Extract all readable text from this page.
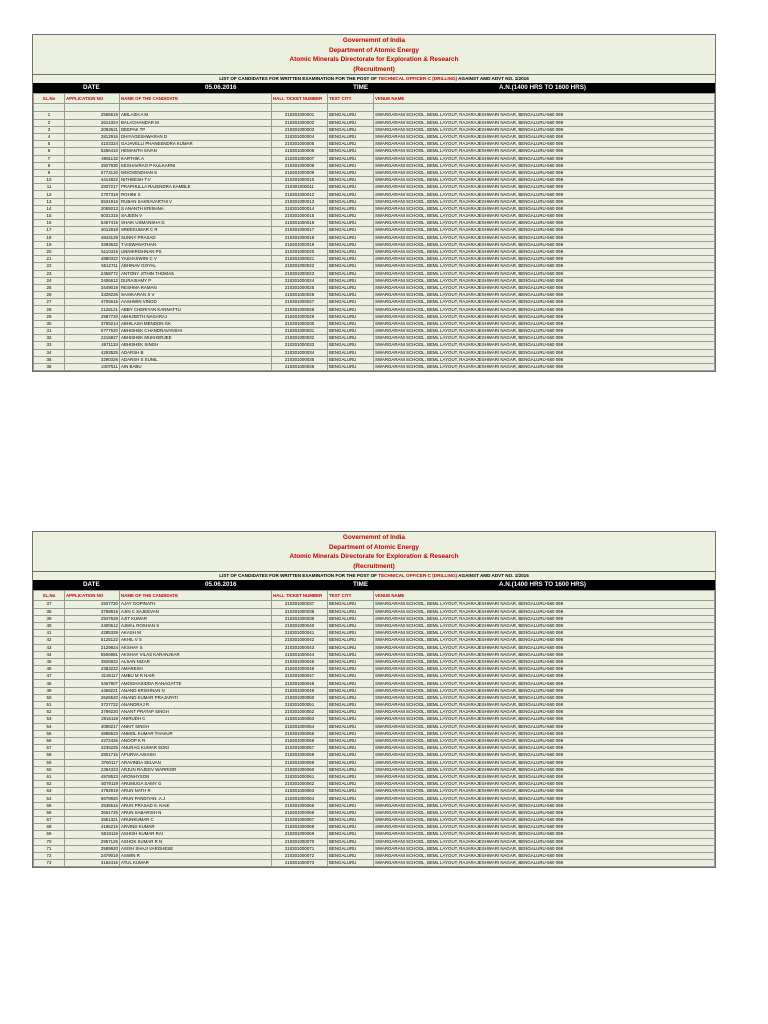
Governemnt of India
Department of Atomic Energy
Atomic Minerals Directorate for Exploration & Research
(Recruitment)
LIST OF CANDIDATES FOR WRITTEN EXAMINATION FOR THE POST OF TECHNICAL OFFICER-C (DRILLING) AGAINST AMD ADVT NO. 1/2016
DATE	05.06.2016	TIME	A.N.(1400 HRS TO 1600 HRS)
SL.No	APPLICATION NO	NAME OF THE CANDIDATE	HALL TICKET NUMBER	TEST CITY	VENUE NAME

1	2566619	ABILASH A M	210301000001	BENGALURU	SWARGARANI SCHOOL, BEML LAYOUT, RAJARAJESHWARI NAGAR, BENGALURU-560 098
2	2614324	BALACHANDAR M	210301000002	BENGALURU	SWARGARANI SCHOOL, BEML LAYOUT, RAJARAJESHWARI NAGAR, BENGALURU-560 098
3	2093621	DEEPAK TP	210301000003	BENGALURU	SWARGARANI SCHOOL, BEML LAYOUT, RAJARAJESHWARI NAGAR, BENGALURU-560 098
4	2812916	DHIYAGESHWARAN D	210301000004	BENGALURU	SWARGARANI SCHOOL, BEML LAYOUT, RAJARAJESHWARI NAGAR, BENGALURU-560 098
5	4103324	GAJAVELLI PHANEENDRA KUMAR	210301000005	BENGALURU	SWARGARANI SCHOOL, BEML LAYOUT, RAJARAJESHWARI NAGAR, BENGALURU-560 098
6	5256410	HEMANTH SIVAN	210301000006	BENGALURU	SWARGARANI SCHOOL, BEML LAYOUT, RAJARAJESHWARI NAGAR, BENGALURU-560 098
7	4991132	KARTHIK.A	210301000007	BENGALURU	SWARGARANI SCHOOL, BEML LAYOUT, RAJARAJESHWARI NAGAR, BENGALURU-560 098
8	3927930	KESHAVRAO P KULKARNI	210301000008	BENGALURU	SWARGARANI SCHOOL, BEML LAYOUT, RAJARAJESHWARI NAGAR, BENGALURU-560 098
9	5773120	MOOVENDHAN S	210301000009	BENGALURU	SWARGARANI SCHOOL, BEML LAYOUT, RAJARAJESHWARI NAGAR, BENGALURU-560 098
10	4414822	NITHEESH T.V	210301000010	BENGALURU	SWARGARANI SCHOOL, BEML LAYOUT, RAJARAJESHWARI NAGAR, BENGALURU-560 098
11	2837217	PRAPHULLA RAJENDRA KAMBLE	210301000011	BENGALURU	SWARGARANI SCHOOL, BEML LAYOUT, RAJARAJESHWARI NAGAR, BENGALURU-560 098
12	2707318	ROHINI S	210301000012	BENGALURU	SWARGARANI SCHOOL, BEML LAYOUT, RAJARAJESHWARI NAGAR, BENGALURU-560 098
13	5531916	RUBAN SAKRAVARTHI V	210301000013	BENGALURU	SWARGARANI SCHOOL, BEML LAYOUT, RAJARAJESHWARI NAGAR, BENGALURU-560 098
14	2065013	S ANANTH KRISHNA	210301000014	BENGALURU	SWARGARANI SCHOOL, BEML LAYOUT, RAJARAJESHWARI NAGAR, BENGALURU-560 098
15	5031315	SAJEEN V	210301000015	BENGALURU	SWARGARANI SCHOOL, BEML LAYOUT, RAJARAJESHWARI NAGAR, BENGALURU-560 098
16	5467415	SHAIK USMANSHA G	210301000016	BENGALURU	SWARGARANI SCHOOL, BEML LAYOUT, RAJARAJESHWARI NAGAR, BENGALURU-560 098
17	3012818	SREEKUMAR C R	210301000017	BENGALURU	SWARGARANI SCHOOL, BEML LAYOUT, RAJARAJESHWARI NAGAR, BENGALURU-560 098
18	4843129	SUNNY PRASAD	210301000018	BENGALURU	SWARGARANI SCHOOL, BEML LAYOUT, RAJARAJESHWARI NAGAR, BENGALURU-560 098
19	3393632	T.VISWANATHAN	210301000019	BENGALURU	SWARGARANI SCHOOL, BEML LAYOUT, RAJARAJESHWARI NAGAR, BENGALURU-560 098
20	5110315	UNNIKRISHNAN PS	210301000020	BENGALURU	SWARGARANI SCHOOL, BEML LAYOUT, RAJARAJESHWARI NAGAR, BENGALURU-560 098
21	4880322	YASHASWINI C V	210301000021	BENGALURU	SWARGARANI SCHOOL, BEML LAYOUT, RAJARAJESHWARI NAGAR, BENGALURU-560 098
22	5512711	ABHINAV GOYAL	210301000022	BENGALURU	SWARGARANI SCHOOL, BEML LAYOUT, RAJARAJESHWARI NAGAR, BENGALURU-560 098
23	2458772	ANTONY JITHIN THOMAS	210301000023	BENGALURU	SWARGARANI SCHOOL, BEML LAYOUT, RAJARAJESHWARI NAGAR, BENGALURU-560 098
24	2406612	DURAISAMY P	210301000024	BENGALURU	SWARGARANI SCHOOL, BEML LAYOUT, RAJARAJESHWARI NAGAR, BENGALURU-560 098
25	3449019	RESHMA RAMAN	210301000025	BENGALURU	SWARGARANI SCHOOL, BEML LAYOUT, RAJARAJESHWARI NAGAR, BENGALURU-560 098
26	3328225	SASIKARAN S V	210301000026	BENGALURU	SWARGARANI SCHOOL, BEML LAYOUT, RAJARAJESHWARI NAGAR, BENGALURU-560 098
27	4706615	AASHWIN VINOD	210301000027	BENGALURU	SWARGARANI SCHOOL, BEML LAYOUT, RAJARAJESHWARI NAGAR, BENGALURU-560 098
28	2128121	ABBY CHERIYAN KANNATTU	210301000028	BENGALURU	SWARGARANI SCHOOL, BEML LAYOUT, RAJARAJESHWARI NAGAR, BENGALURU-560 098
29	2987720	ABHIJEETH NAGARAJ	210301000029	BENGALURU	SWARGARANI SCHOOL, BEML LAYOUT, RAJARAJESHWARI NAGAR, BENGALURU-560 098
30	3755214	ABHILASH MENDON GK	210301000030	BENGALURU	SWARGARANI SCHOOL, BEML LAYOUT, RAJARAJESHWARI NAGAR, BENGALURU-560 098
31	5777620	ABHISHEK CHANDRAVANSHI	210301000031	BENGALURU	SWARGARANI SCHOOL, BEML LAYOUT, RAJARAJESHWARI NAGAR, BENGALURU-560 098
32	2215827	ABHISHEK MUKHERJEE	210301000032	BENGALURU	SWARGARANI SCHOOL, BEML LAYOUT, RAJARAJESHWARI NAGAR, BENGALURU-560 098
33	4971134	ABHISHEK SINGH	210301000033	BENGALURU	SWARGARANI SCHOOL, BEML LAYOUT, RAJARAJESHWARI NAGAR, BENGALURU-560 098
34	4293525	ADARSH B	210301000034	BENGALURU	SWARGARANI SCHOOL, BEML LAYOUT, RAJARAJESHWARI NAGAR, BENGALURU-560 098
35	3290326	ADARSH S SUNIL	210301000035	BENGALURU	SWARGARANI SCHOOL, BEML LAYOUT, RAJARAJESHWARI NAGAR, BENGALURU-560 098
36	2407511	AIN BABU	210301000036	BENGALURU	SWARGARANI SCHOOL, BEML LAYOUT, RAJARAJESHWARI NAGAR, BENGALURU-560 098
Governemnt of India
Department of Atomic Energy
Atomic Minerals Directorate for Exploration & Research
(Recruitment)
LIST OF CANDIDATES FOR WRITTEN EXAMINATION FOR THE POST OF TECHNICAL OFFICER-C (DRILLING) AGAINST AMD ADVT NO. 1/2016
DATE	05.06.2016	TIME	A.N.(1400 HRS TO 1600 HRS)
SL.No	APPLICATION NO	NAME OF THE CANDIDATE	HALL TICKET NUMBER	TEST CITY	VENUE NAME
37	2937720	AJAY GOPINATH	210301000037	BENGALURU	SWARGARANI SCHOOL, BEML LAYOUT, RAJARAJESHWARI NAGAR, BENGALURU-560 098
38	3758815	AJIN C SAJEEVAN	210301000038	BENGALURU	SWARGARANI SCHOOL, BEML LAYOUT, RAJARAJESHWARI NAGAR, BENGALURU-560 098
39	2947628	AJIT KUMAR	210301000039	BENGALURU	SWARGARANI SCHOOL, BEML LAYOUT, RAJARAJESHWARI NAGAR, BENGALURU-560 098
40	2400612	AJMAL ROSHAN S	210301000040	BENGALURU	SWARGARANI SCHOOL, BEML LAYOUT, RAJARAJESHWARI NAGAR, BENGALURU-560 098
41	4285329	AKASH M	210301000041	BENGALURU	SWARGARANI SCHOOL, BEML LAYOUT, RAJARAJESHWARI NAGAR, BENGALURU-560 098
42	5125122	AKHIL V S	210301000042	BENGALURU	SWARGARANI SCHOOL, BEML LAYOUT, RAJARAJESHWARI NAGAR, BENGALURU-560 098
43	2129924	AKSHAY S	210301000043	BENGALURU	SWARGARANI SCHOOL, BEML LAYOUT, RAJARAJESHWARI NAGAR, BENGALURU-560 098
44	5506981	AKSHAY VILAS KARANJKAR	210301000044	BENGALURU	SWARGARANI SCHOOL, BEML LAYOUT, RAJARAJESHWARI NAGAR, BENGALURU-560 098
45	3826922	ALSAN NIZAR	210301000045	BENGALURU	SWARGARANI SCHOOL, BEML LAYOUT, RAJARAJESHWARI NAGAR, BENGALURU-560 098
46	2383222	AMARESH	210301000046	BENGALURU	SWARGARANI SCHOOL, BEML LAYOUT, RAJARAJESHWARI NAGAR, BENGALURU-560 098
47	3136117	AMBU M R NAIR	210301000047	BENGALURU	SWARGARANI SCHOOL, BEML LAYOUT, RAJARAJESHWARI NAGAR, BENGALURU-560 098
48	3457907	AMOGHASIDDA RANAGATTE	210301000048	BENGALURU	SWARGARANI SCHOOL, BEML LAYOUT, RAJARAJESHWARI NAGAR, BENGALURU-560 098
49	4469221	ANAND KRISHNAN N	210301000049	BENGALURU	SWARGARANI SCHOOL, BEML LAYOUT, RAJARAJESHWARI NAGAR, BENGALURU-560 098
50	2626520	ANAND KUMAR PRAJAPATI	210301000050	BENGALURU	SWARGARANI SCHOOL, BEML LAYOUT, RAJARAJESHWARI NAGAR, BENGALURU-560 098
51	3727722	ANANDRAJ R	210301000051	BENGALURU	SWARGARANI SCHOOL, BEML LAYOUT, RAJARAJESHWARI NAGAR, BENGALURU-560 098
52	3799220	ANANT PRATAP SINGH	210301000052	BENGALURU	SWARGARANI SCHOOL, BEML LAYOUT, RAJARAJESHWARI NAGAR, BENGALURU-560 098
53	2816118	ANIRUDH C	210301000053	BENGALURU	SWARGARANI SCHOOL, BEML LAYOUT, RAJARAJESHWARI NAGAR, BENGALURU-560 098
54	4089217	ANKIT SINGH	210301000054	BENGALURU	SWARGARANI SCHOOL, BEML LAYOUT, RAJARAJESHWARI NAGAR, BENGALURU-560 098
55	4895523	ANMOL KUMAR THAKUR	210301000055	BENGALURU	SWARGARANI SCHOOL, BEML LAYOUT, RAJARAJESHWARI NAGAR, BENGALURU-560 098
56	4272426	ANOOP K R	210301000056	BENGALURU	SWARGARANI SCHOOL, BEML LAYOUT, RAJARAJESHWARI NAGAR, BENGALURU-560 098
57	4235225	ANURAG KUMAR SONI	210301000057	BENGALURU	SWARGARANI SCHOOL, BEML LAYOUT, RAJARAJESHWARI NAGAR, BENGALURU-560 098
58	2801715	APURVA ASHISH	210301000058	BENGALURU	SWARGARANI SCHOOL, BEML LAYOUT, RAJARAJESHWARI NAGAR, BENGALURU-560 098
59	3760117	ARAVINDA SELVAN	210301000059	BENGALURU	SWARGARANI SCHOOL, BEML LAYOUT, RAJARAJESHWARI NAGAR, BENGALURU-560 098
60	2384323	ARJUN RAJEEV WARRIOR	210301000060	BENGALURU	SWARGARANI SCHOOL, BEML LAYOUT, RAJARAJESHWARI NAGAR, BENGALURU-560 098
61	4978523	ARONHYSON	210301000061	BENGALURU	SWARGARANI SCHOOL, BEML LAYOUT, RAJARAJESHWARI NAGAR, BENGALURU-560 098
62	5079119	ARUMUGA SAMY G	210301000062	BENGALURU	SWARGARANI SCHOOL, BEML LAYOUT, RAJARAJESHWARI NAGAR, BENGALURU-560 098
63	4792919	ARUN NATH R	210301000063	BENGALURU	SWARGARANI SCHOOL, BEML LAYOUT, RAJARAJESHWARI NAGAR, BENGALURU-560 098
64	5678920	ARUN PANDIYAN .A.J	210301000064	BENGALURU	SWARGARANI SCHOOL, BEML LAYOUT, RAJARAJESHWARI NAGAR, BENGALURU-560 098
65	2535516	ARUN PRASAD S. NAIK	210301000065	BENGALURU	SWARGARANI SCHOOL, BEML LAYOUT, RAJARAJESHWARI NAGAR, BENGALURU-560 098
66	3661725	ARUN SABARISH N	210301000066	BENGALURU	SWARGARANI SCHOOL, BEML LAYOUT, RAJARAJESHWARI NAGAR, BENGALURU-560 098
67	2851321	ARUNKUMAR C	210301000067	BENGALURU	SWARGARANI SCHOOL, BEML LAYOUT, RAJARAJESHWARI NAGAR, BENGALURU-560 098
68	4186215	ARVIND KUMAR	210301000068	BENGALURU	SWARGARANI SCHOOL, BEML LAYOUT, RAJARAJESHWARI NAGAR, BENGALURU-560 098
69	5819119	ASHISH KUMAR RAI	210301000069	BENGALURU	SWARGARANI SCHOOL, BEML LAYOUT, RAJARAJESHWARI NAGAR, BENGALURU-560 098
70	2967126	ASHOK KUMAR R N	210301000070	BENGALURU	SWARGARANI SCHOOL, BEML LAYOUT, RAJARAJESHWARI NAGAR, BENGALURU-560 098
71	2589920	ASISH SHAJI VARGHESE	210301000071	BENGALURU	SWARGARANI SCHOOL, BEML LAYOUT, RAJARAJESHWARI NAGAR, BENGALURU-560 098
72	2479019	ASWIN R	210301000072	BENGALURU	SWARGARANI SCHOOL, BEML LAYOUT, RAJARAJESHWARI NAGAR, BENGALURU-560 098
73	3182415	ATUL KUMAR	210301000073	BENGALURU	SWARGARANI SCHOOL, BEML LAYOUT, RAJARAJESHWARI NAGAR, BENGALURU-560 098
